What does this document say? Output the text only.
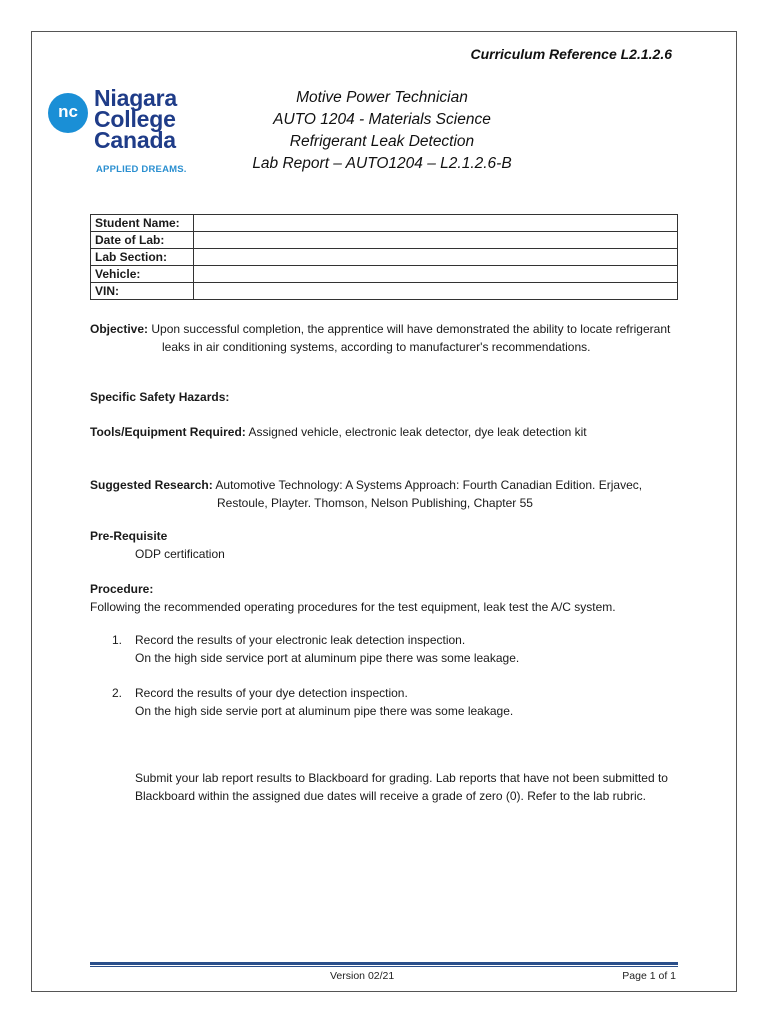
Curriculum Reference L2.1.2.6
nc
Niagara
College
Canada
APPLIED DREAMS.
Motive Power Technician
AUTO 1204 - Materials Science
Refrigerant Leak Detection
Lab Report – AUTO1204 – L2.1.2.6-B
Student Name:	
Date of Lab:	
Lab Section:	
Vehicle:	
VIN:	
Objective: Upon successful completion, the apprentice will have demonstrated the ability to locate refrigerant leaks in air conditioning systems, according to manufacturer's recommendations.
Specific Safety Hazards:
Tools/Equipment Required: Assigned vehicle, electronic leak detector, dye leak detection kit
Suggested Research: Automotive Technology: A Systems Approach: Fourth Canadian Edition. Erjavec,
Restoule, Playter. Thomson, Nelson Publishing, Chapter 55
Pre-Requisite
ODP certification
Procedure:
Following the recommended operating procedures for the test equipment, leak test the A/C system.
1.	Record the results of your electronic leak detection inspection.
On the high side service port at aluminum pipe there was some leakage.
2.	Record the results of your dye detection inspection.
On the high side servie port at aluminum pipe there was some leakage.
Submit your lab report results to Blackboard for grading. Lab reports that have not been submitted to Blackboard within the assigned due dates will receive a grade of zero (0). Refer to the lab rubric.
Version 02/21	Page 1 of 1
